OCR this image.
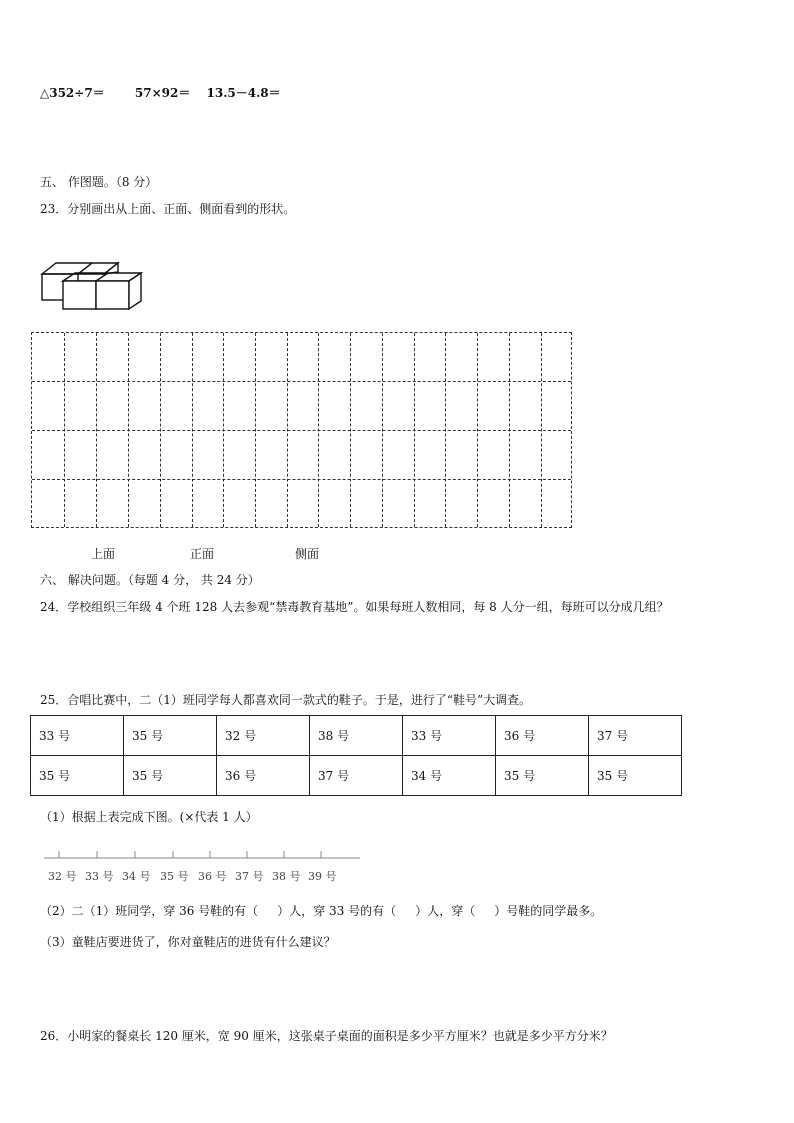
△352÷7＝	57×92＝ 13.5－4.8＝
五、 作图题。（8 分）
23．分别画出从上面、正面、侧面看到的形状。
上面	正面	侧面
六、 解决问题。（每题 4 分， 共 24 分）
24．学校组织三年级 4 个班 128 人去参观“禁毒教育基地”。如果每班人数相同，每 8 人分一组，每班可以分成几组？
25．合唱比赛中，二（1）班同学每人都喜欢同一款式的鞋子。于是，进行了“鞋号”大调查。
33 号	35 号	32 号	38 号	33 号	36 号	37 号
35 号	35 号	36 号	37 号	34 号	35 号	35 号
（1）根据上表完成下图。(×代表 1 人）
32 号 33 号 34 号 35 号 36 号 37 号 38 号 39 号
（2）二（1）班同学，穿 36 号鞋的有（     ）人，穿 33 号的有（     ）人，穿（     ）号鞋的同学最多。
（3）童鞋店要进货了，你对童鞋店的进货有什么建议？
26．小明家的餐桌长 120 厘米，宽 90 厘米，这张桌子桌面的面积是多少平方厘米？也就是多少平方分米？
